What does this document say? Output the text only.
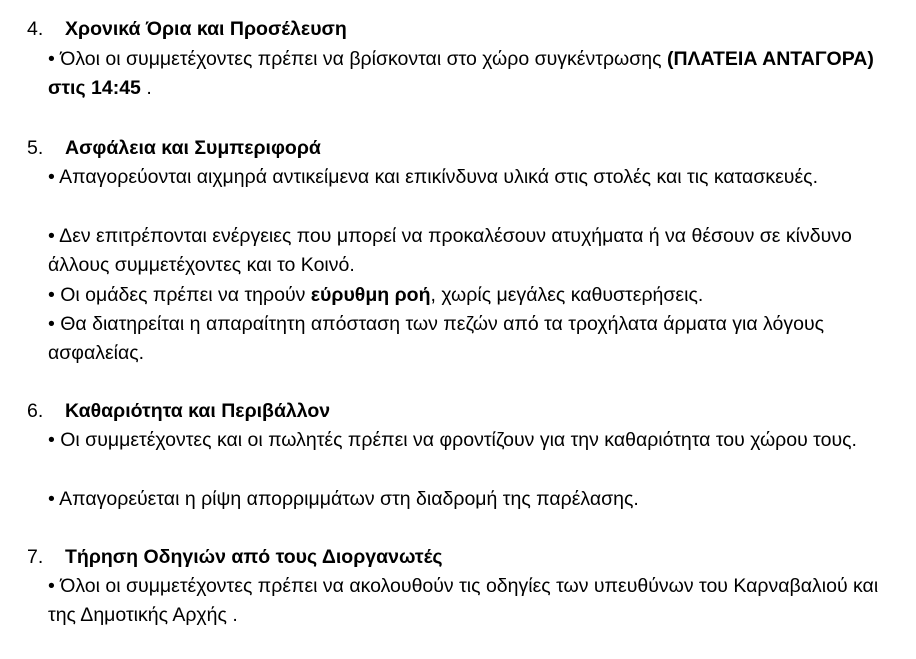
4. Χρονικά Όρια και Προσέλευση
• Όλοι οι συμμετέχοντες πρέπει να βρίσκονται στο χώρο συγκέντρωσης (ΠΛΑΤΕΙΑ ΑΝΤΑΓΟΡΑ) στις 14:45 .
5. Ασφάλεια και Συμπεριφορά
• Απαγορεύονται αιχμηρά αντικείμενα και επικίνδυνα υλικά στις στολές και τις κατασκευές.
• Δεν επιτρέπονται ενέργειες που μπορεί να προκαλέσουν ατυχήματα ή να θέσουν σε κίνδυνο άλλους συμμετέχοντες και το Κοινό.
• Οι ομάδες πρέπει να τηρούν εύρυθμη ροή, χωρίς μεγάλες καθυστερήσεις.
• Θα διατηρείται η απαραίτητη απόσταση των πεζών από τα τροχήλατα άρματα για λόγους ασφαλείας.
6. Καθαριότητα και Περιβάλλον
• Οι συμμετέχοντες και οι πωλητές πρέπει να φροντίζουν για την καθαριότητα του χώρου τους.
• Απαγορεύεται η ρίψη απορριμμάτων στη διαδρομή της παρέλασης.
7. Τήρηση Οδηγιών από τους Διοργανωτές
• Όλοι οι συμμετέχοντες πρέπει να ακολουθούν τις οδηγίες των υπευθύνων του Καρναβαλιού και της Δημοτικής Αρχής .
